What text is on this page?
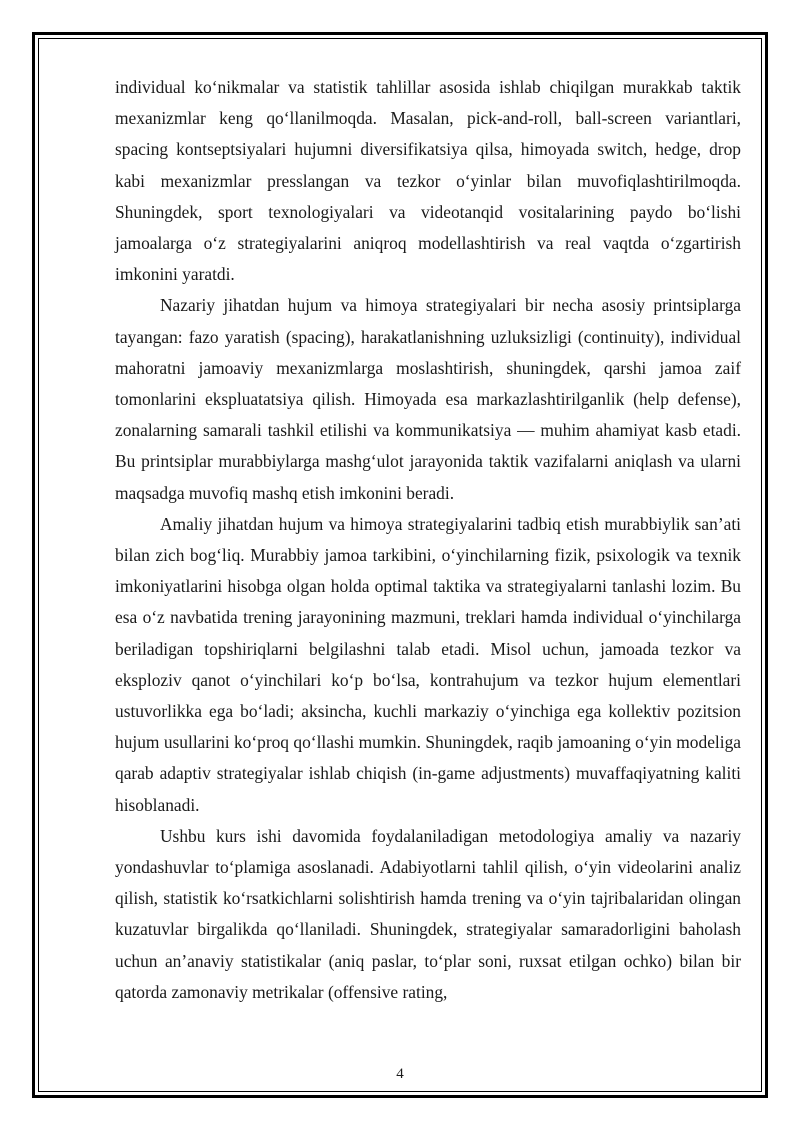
individual ko‘nikmalar va statistik tahlillar asosida ishlab chiqilgan murakkab taktik mexanizmlar keng qo‘llanilmoqda. Masalan, pick-and-roll, ball-screen variantlari, spacing kontseptsiyalari hujumni diversifikatsiya qilsa, himoyada switch, hedge, drop kabi mexanizmlar presslangan va tezkor o‘yinlar bilan muvofiqlashtirilmoqda. Shuningdek, sport texnologiyalari va videotanqid vositalarining paydo bo‘lishi jamoalarga o‘z strategiyalarini aniqroq modellashtirish va real vaqtda o‘zgartirish imkonini yaratdi.

Nazariy jihatdan hujum va himoya strategiyalari bir necha asosiy printsiplarga tayangan: fazo yaratish (spacing), harakatlanishning uzluksizligi (continuity), individual mahoratni jamoaviy mexanizmlarga moslashtirish, shuningdek, qarshi jamoa zaif tomonlarini ekspluatatsiya qilish. Himoyada esa markazlashtirilganlik (help defense), zonalarning samarali tashkil etilishi va kommunikatsiya — muhim ahamiyat kasb etadi. Bu printsiplar murabbiylarga mashg‘ulot jarayonida taktik vazifalarni aniqlash va ularni maqsadga muvofiq mashq etish imkonini beradi.

Amaliy jihatdan hujum va himoya strategiyalarini tadbiq etish murabbiylik san’ati bilan zich bog‘liq. Murabbiy jamoa tarkibini, o‘yinchilarning fizik, psixologik va texnik imkoniyatlarini hisobga olgan holda optimal taktika va strategiyalarni tanlashi lozim. Bu esa o‘z navbatida trening jarayonining mazmuni, treklari hamda individual o‘yinchilarga beriladigan topshiriqlarni belgilashni talab etadi. Misol uchun, jamoada tezkor va eksploziv qanot o‘yinchilari ko‘p bo‘lsa, kontrahujum va tezkor hujum elementlari ustuvorlikka ega bo‘ladi; aksincha, kuchli markaziy o‘yinchiga ega kollektiv pozitsion hujum usullarini ko‘proq qo‘llashi mumkin. Shuningdek, raqib jamoaning o‘yin modeliga qarab adaptiv strategiyalar ishlab chiqish (in-game adjustments) muvaffaqiyatning kaliti hisoblanadi.

Ushbu kurs ishi davomida foydalaniladigan metodologiya amaliy va nazariy yondashuvlar to‘plamiga asoslanadi. Adabiyotlarni tahlil qilish, o‘yin videolarini analiz qilish, statistik ko‘rsatkichlarni solishtirish hamda trening va o‘yin tajribalaridan olingan kuzatuvlar birgalikda qo‘llaniladi. Shuningdek, strategiyalar samaradorligini baholash uchun an’anaviy statistikalar (aniq paslar, to‘plar soni, ruxsat etilgan ochko) bilan bir qatorda zamonaviy metrikalar (offensive rating,

4
